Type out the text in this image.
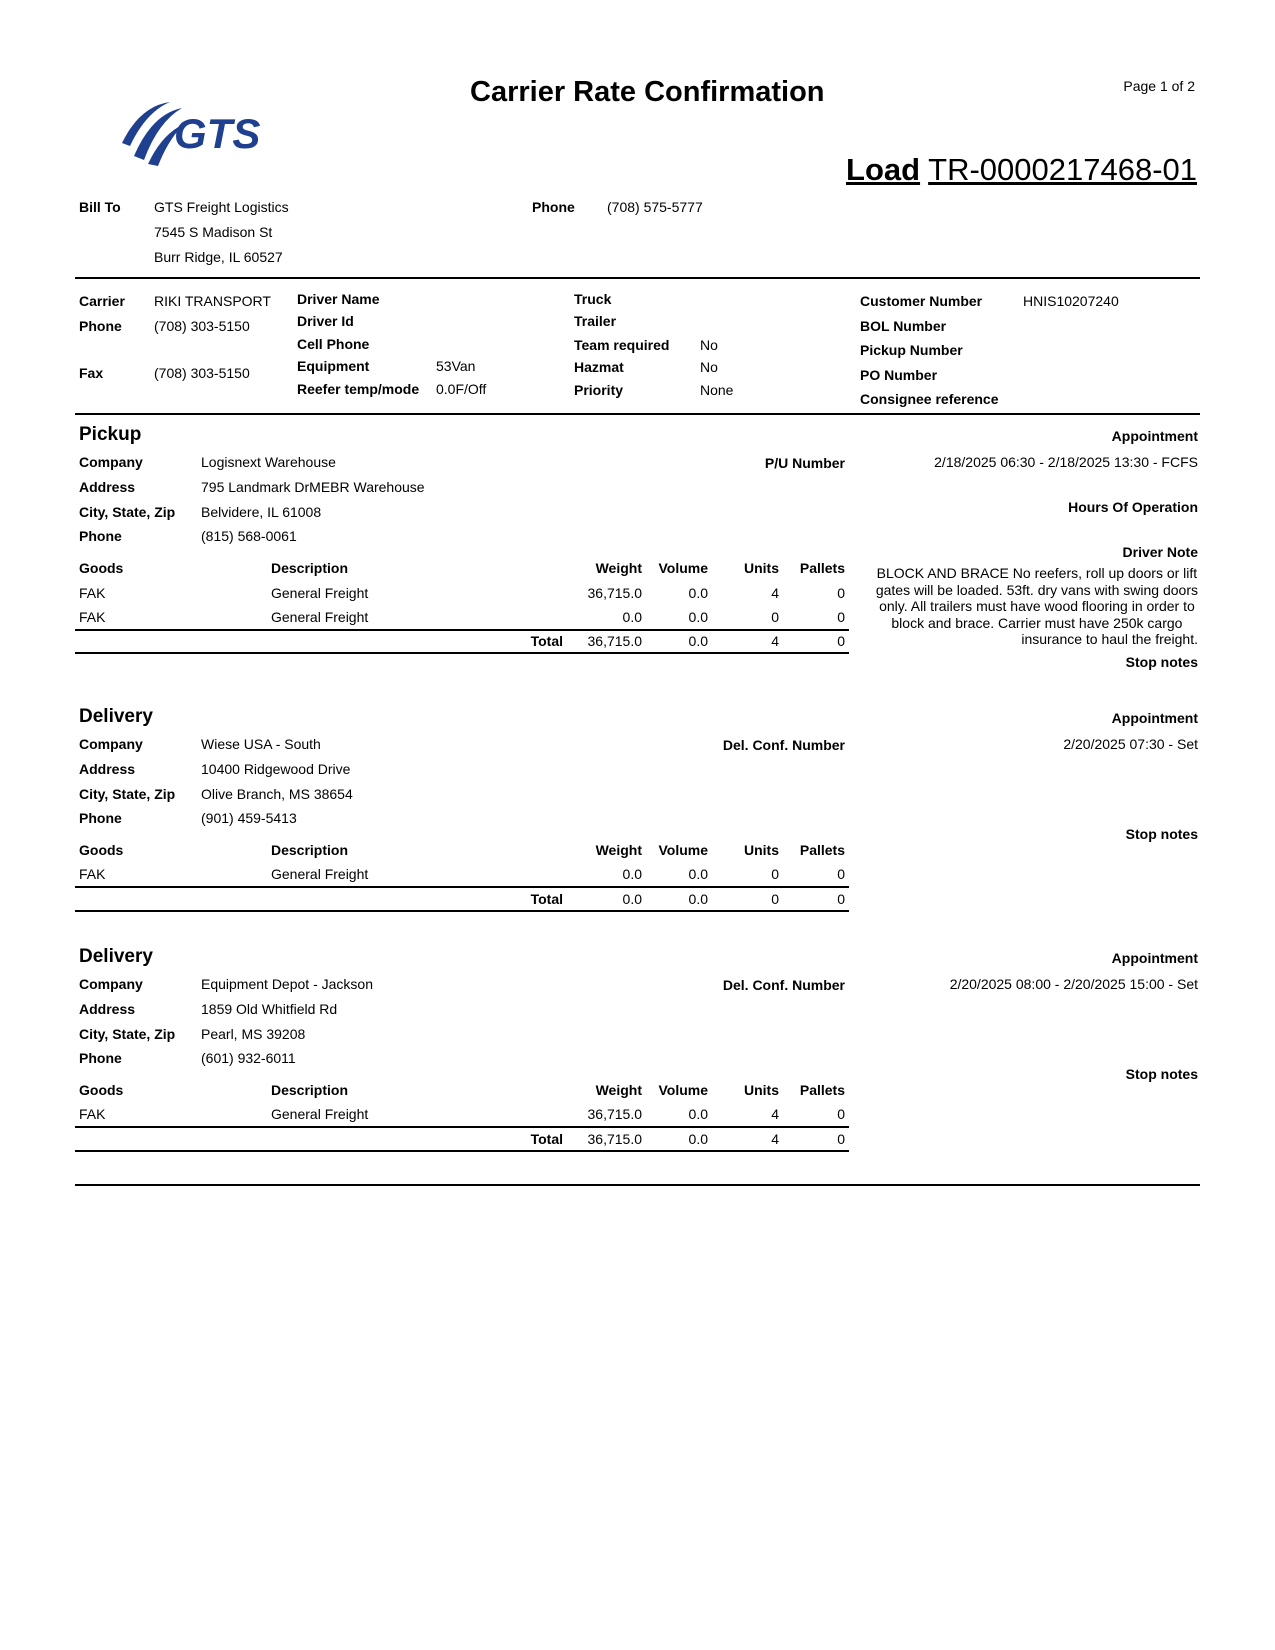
GTS
Carrier Rate Confirmation	Page 1 of 2
Load TR-0000217468-01
Bill To GTS Freight Logistics
7545 S Madison St
Burr Ridge, IL 60527
Phone (708) 575-5777
Carrier RIKI TRANSPORT
Phone (708) 303-5150
Fax	(708) 303-5150
Driver Name
Driver Id
Cell Phone
Equipment	53Van
Reefer temp/mode 0.0F/Off
Truck
Trailer
Team required No
Hazmat	No
Priority	None
Customer Number	HNIS10207240
BOL Number
Pickup Number
PO Number
Consignee reference
Pickup
Company	Logisnext Warehouse
Address	795 Landmark DrMEBR Warehouse
City, State, Zip Belvidere, IL 61008
Phone	(815) 568-0061
P/U Number
Appointment
2/18/2025 06:30 - 2/18/2025 13:30 - FCFS
Hours Of Operation
Driver Note
BLOCK AND BRACE No reefers, roll up doors or lift
gates will be loaded. 53ft. dry vans with swing doors
only. All trailers must have wood flooring in order to
block and brace. Carrier must have 250k cargo
insurance to haul the freight.
Stop notes
Goods	Description	Weight Volume	Units Pallets
FAK	General Freight	36,715.0	0.0	4	0
FAK	General Freight	0.0	0.0	0	0
Total 36,715.0	0.0	4	0
Delivery
Company	Wiese USA - South
Address	10400 Ridgewood Drive
City, State, Zip Olive Branch, MS 38654
Phone	(901) 459-5413
Del. Conf. Number
Appointment
2/20/2025 07:30 - Set
Stop notes
Goods	Description	Weight Volume	Units Pallets
FAK	General Freight	0.0	0.0	0	0
Total	0.0	0.0	0	0
Delivery
Company	Equipment Depot - Jackson
Address	1859 Old Whitfield Rd
City, State, Zip Pearl, MS 39208
Phone	(601) 932-6011
Del. Conf. Number
Appointment
2/20/2025 08:00 - 2/20/2025 15:00 - Set
Stop notes
Goods	Description	Weight Volume	Units Pallets
FAK	General Freight	36,715.0	0.0	4	0
Total 36,715.0	0.0	4	0
